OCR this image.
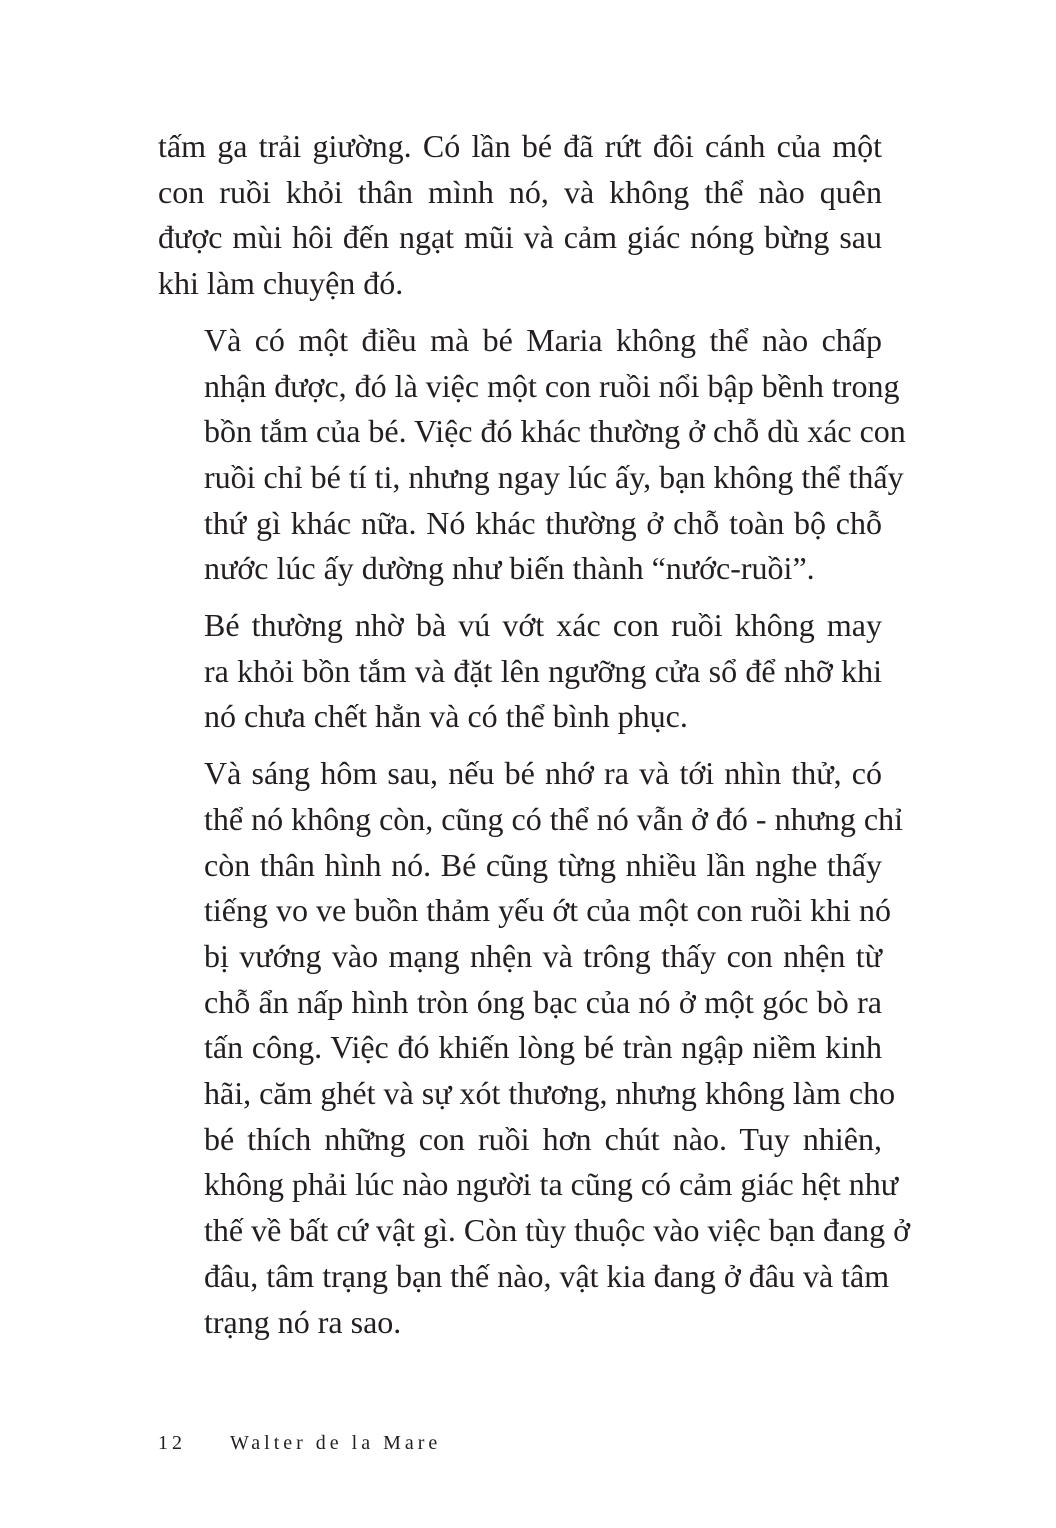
tấm ga trải giường. Có lần bé đã rứt đôi cánh của một
con ruồi khỏi thân mình nó, và không thể nào quên
được mùi hôi đến ngạt mũi và cảm giác nóng bừng sau
khi làm chuyện đó.
Và có một điều mà bé Maria không thể nào chấp
nhận được, đó là việc một con ruồi nổi bập bềnh trong
bồn tắm của bé. Việc đó khác thường ở chỗ dù xác con
ruồi chỉ bé tí ti, nhưng ngay lúc ấy, bạn không thể thấy
thứ gì khác nữa. Nó khác thường ở chỗ toàn bộ chỗ
nước lúc ấy dường như biến thành “nước-ruồi”.
Bé thường nhờ bà vú vớt xác con ruồi không may
ra khỏi bồn tắm và đặt lên ngưỡng cửa sổ để nhỡ khi
nó chưa chết hẳn và có thể bình phục.
Và sáng hôm sau, nếu bé nhớ ra và tới nhìn thử, có
thể nó không còn, cũng có thể nó vẫn ở đó - nhưng chỉ
còn thân hình nó. Bé cũng từng nhiều lần nghe thấy
tiếng vo ve buồn thảm yếu ớt của một con ruồi khi nó
bị vướng vào mạng nhện và trông thấy con nhện từ
chỗ ẩn nấp hình tròn óng bạc của nó ở một góc bò ra
tấn công. Việc đó khiến lòng bé tràn ngập niềm kinh
hãi, căm ghét và sự xót thương, nhưng không làm cho
bé thích những con ruồi hơn chút nào. Tuy nhiên,
không phải lúc nào người ta cũng có cảm giác hệt như
thế về bất cứ vật gì. Còn tùy thuộc vào việc bạn đang ở
đâu, tâm trạng bạn thế nào, vật kia đang ở đâu và tâm
trạng nó ra sao.
12 Walter de la Mare
